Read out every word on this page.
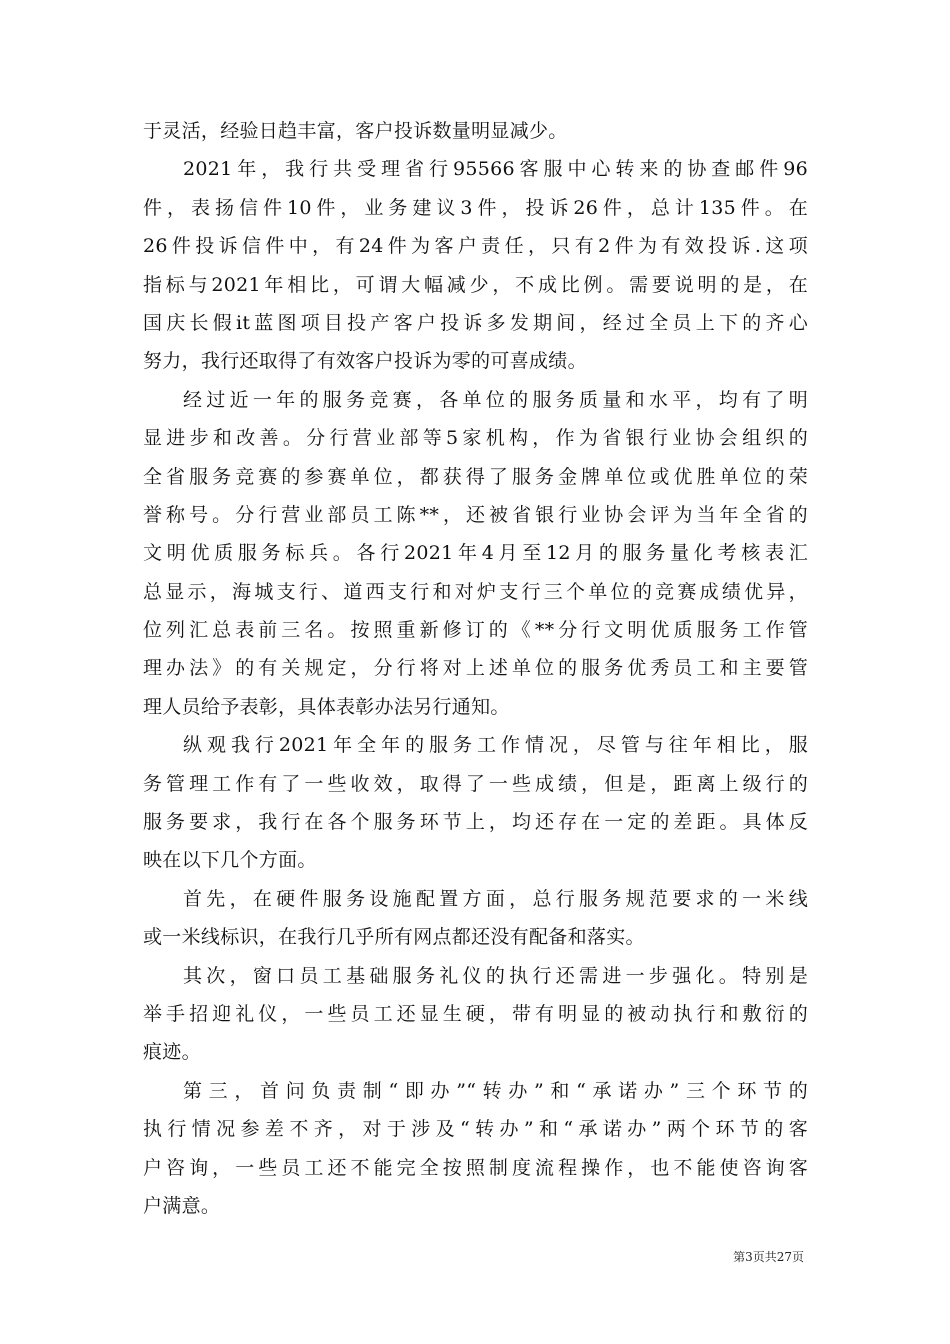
于灵活，经验日趋丰富，客户投诉数量明显减少。
2021年，我行共受理省行95566客服中心转来的协查邮件96
件，表扬信件10件，业务建议3件，投诉26件，总计135件。在
26件投诉信件中，有24件为客户责任，只有2件为有效投诉.这项
指标与2021年相比，可谓大幅减少，不成比例。需要说明的是，在
国庆长假it蓝图项目投产客户投诉多发期间，经过全员上下的齐心
努力，我行还取得了有效客户投诉为零的可喜成绩。
经过近一年的服务竞赛，各单位的服务质量和水平，均有了明
显进步和改善。分行营业部等5家机构，作为省银行业协会组织的
全省服务竞赛的参赛单位，都获得了服务金牌单位或优胜单位的荣
誉称号。分行营业部员工陈**，还被省银行业协会评为当年全省的
文明优质服务标兵。各行2021年4月至12月的服务量化考核表汇
总显示，海城支行、道西支行和对炉支行三个单位的竞赛成绩优异，
位列汇总表前三名。按照重新修订的《**分行文明优质服务工作管
理办法》的有关规定，分行将对上述单位的服务优秀员工和主要管
理人员给予表彰，具体表彰办法另行通知。
纵观我行2021年全年的服务工作情况，尽管与往年相比，服
务管理工作有了一些收效，取得了一些成绩，但是，距离上级行的
服务要求，我行在各个服务环节上，均还存在一定的差距。具体反
映在以下几个方面。
首先，在硬件服务设施配置方面，总行服务规范要求的一米线
或一米线标识，在我行几乎所有网点都还没有配备和落实。
其次，窗口员工基础服务礼仪的执行还需进一步强化。特别是
举手招迎礼仪，一些员工还显生硬，带有明显的被动执行和敷衍的
痕迹。
第三，首问负责制“即办”“转办”和“承诺办”三个环节的
执行情况参差不齐，对于涉及“转办”和“承诺办”两个环节的客
户咨询，一些员工还不能完全按照制度流程操作，也不能使咨询客
户满意。
第3页共27页
